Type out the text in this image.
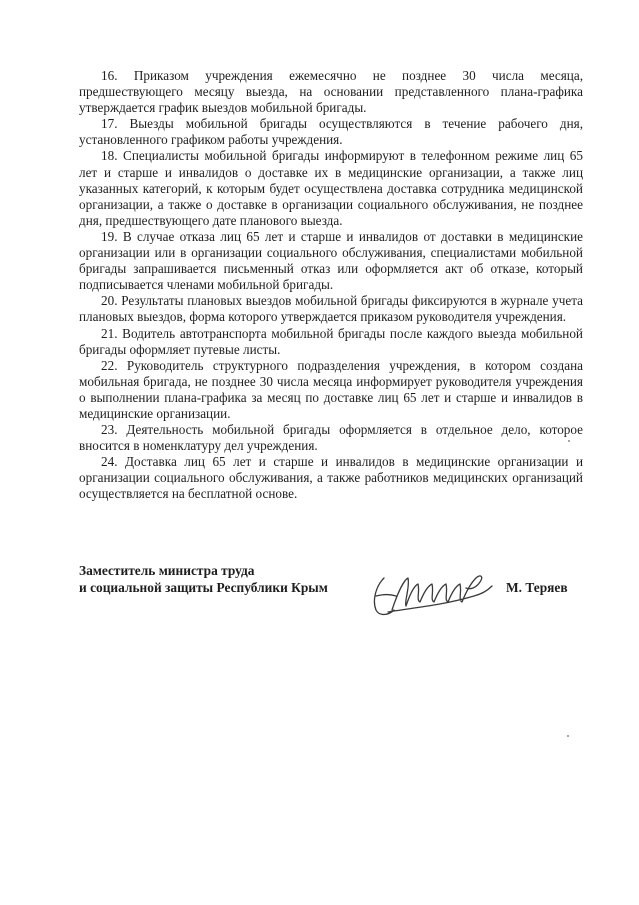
16. Приказом учреждения ежемесячно не позднее 30 числа месяца, предшествующего месяцу выезда, на основании представленного плана-графика утверждается график выездов мобильной бригады.

17. Выезды мобильной бригады осуществляются в течение рабочего дня, установленного графиком работы учреждения.

18. Специалисты мобильной бригады информируют в телефонном режиме лиц 65 лет и старше и инвалидов о доставке их в медицинские организации, а также лиц указанных категорий, к которым будет осуществлена доставка сотрудника медицинской организации, а также о доставке в организации социального обслуживания, не позднее дня, предшествующего дате планового выезда.

19. В случае отказа лиц 65 лет и старше и инвалидов от доставки в медицинские организации или в организации социального обслуживания, специалистами мобильной бригады запрашивается письменный отказ или оформляется акт об отказе, который подписывается членами мобильной бригады.

20. Результаты плановых выездов мобильной бригады фиксируются в журнале учета плановых выездов, форма которого утверждается приказом руководителя учреждения.

21. Водитель автотранспорта мобильной бригады после каждого выезда мобильной бригады оформляет путевые листы.

22. Руководитель структурного подразделения учреждения, в котором создана мобильная бригада, не позднее 30 числа месяца информирует руководителя учреждения о выполнении плана-графика за месяц по доставке лиц 65 лет и старше и инвалидов в медицинские организации.

23. Деятельность мобильной бригады оформляется в отдельное дело, которое вносится в номенклатуру дел учреждения.

24. Доставка лиц 65 лет и старше и инвалидов в медицинские организации и организации социального обслуживания, а также работников медицинских организаций осуществляется на бесплатной основе.

Заместитель министра труда
и социальной защиты Республики Крым	М. Теряев
